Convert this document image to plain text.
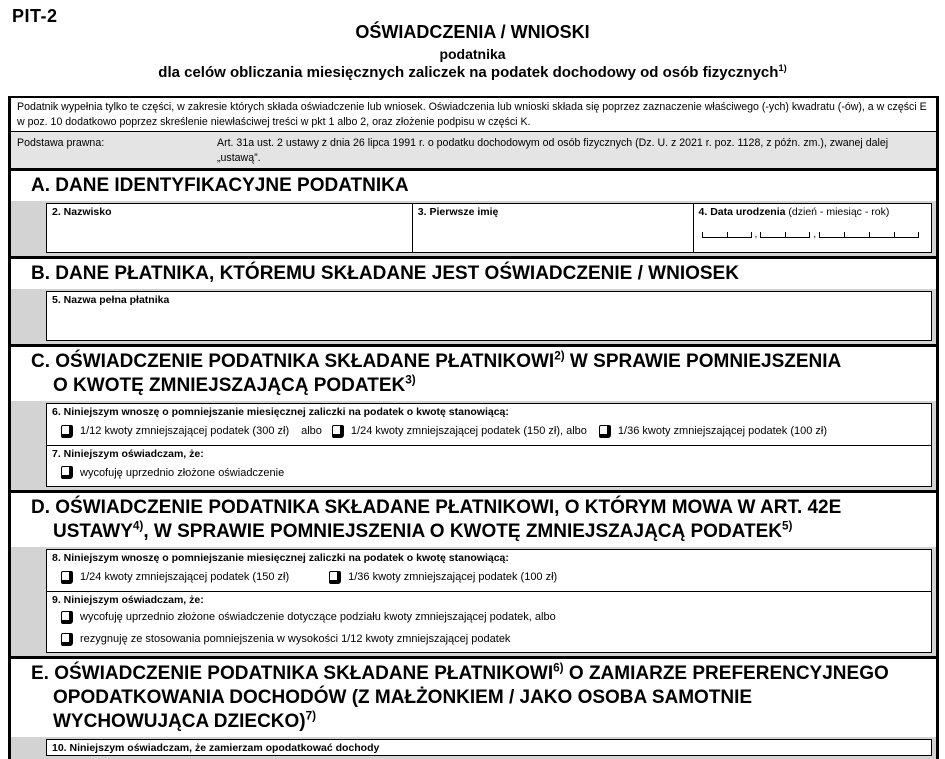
PIT-2
OŚWIADCZENIA / WNIOSKI
podatnika
dla celów obliczania miesięcznych zaliczek na podatek dochodowy od osób fizycznych$^{1)}$
Podatnik wypełnia tylko te części, w zakresie których składa oświadczenie lub wniosek. Oświadczenia lub wnioski składa się poprzez zaznaczenie właściwego (-ych) kwadratu (-ów), a w części E w poz. 10 dodatkowo poprzez skreślenie niewłaściwej treści w pkt 1 albo 2, oraz złożenie podpisu w części K.
Podstawa prawna:	Art. 31a ust. 2 ustawy z dnia 26 lipca 1991 r. o podatku dochodowym od osób fizycznych (Dz. U. z 2021 r. poz. 1128, z późn. zm.), zwanej dalej „ustawą”.
A. DANE IDENTYFIKACYJNE PODATNIKA
2. Nazwisko	3. Pierwsze imię	4. Data urodzenia (dzień - miesiąc - rok)
,	,
B. DANE PŁATNIKA, KTÓREMU SKŁADANE JEST OŚWIADCZENIE / WNIOSEK
5. Nazwa pełna płatnika
C. OŚWIADCZENIE PODATNIKA SKŁADANE PŁATNIKOWI$^{2)}$ W SPRAWIE POMNIEJSZENIA
O KWOTĘ ZMNIEJSZAJĄCĄ PODATEK$^{3)}$
6. Niniejszym wnoszę o pomniejszanie miesięcznej zaliczki na podatek o kwotę stanowiącą:
1/12 kwoty zmniejszającej podatek (300 zł) albo	1/24 kwoty zmniejszającej podatek (150 zł), albo	1/36 kwoty zmniejszającej podatek (100 zł)
7. Niniejszym oświadczam, że:
wycofuję uprzednio złożone oświadczenie
D. OŚWIADCZENIE PODATNIKA SKŁADANE PŁATNIKOWI, O KTÓRYM MOWA W ART. 42E
USTAWY$^{4)}$, W SPRAWIE POMNIEJSZENIA O KWOTĘ ZMNIEJSZAJĄCĄ PODATEK$^{5)}$
8. Niniejszym wnoszę o pomniejszanie miesięcznej zaliczki na podatek o kwotę stanowiącą:
1/24 kwoty zmniejszającej podatek (150 zł)	1/36 kwoty zmniejszającej podatek (100 zł)
9. Niniejszym oświadczam, że:
wycofuję uprzednio złożone oświadczenie dotyczące podziału kwoty zmniejszającej podatek, albo
rezygnuję ze stosowania pomniejszenia w wysokości 1/12 kwoty zmniejszającej podatek
E. OŚWIADCZENIE PODATNIKA SKŁADANE PŁATNIKOWI$^{6)}$ O ZAMIARZE PREFERENCYJNEGO
OPODATKOWANIA DOCHODÓW (Z MAŁŻONKIEM / JAKO OSOBA SAMOTNIE
WYCHOWUJĄCA DZIECKO)$^{7)}$
10. Niniejszym oświadczam, że zamierzam opodatkować dochody
